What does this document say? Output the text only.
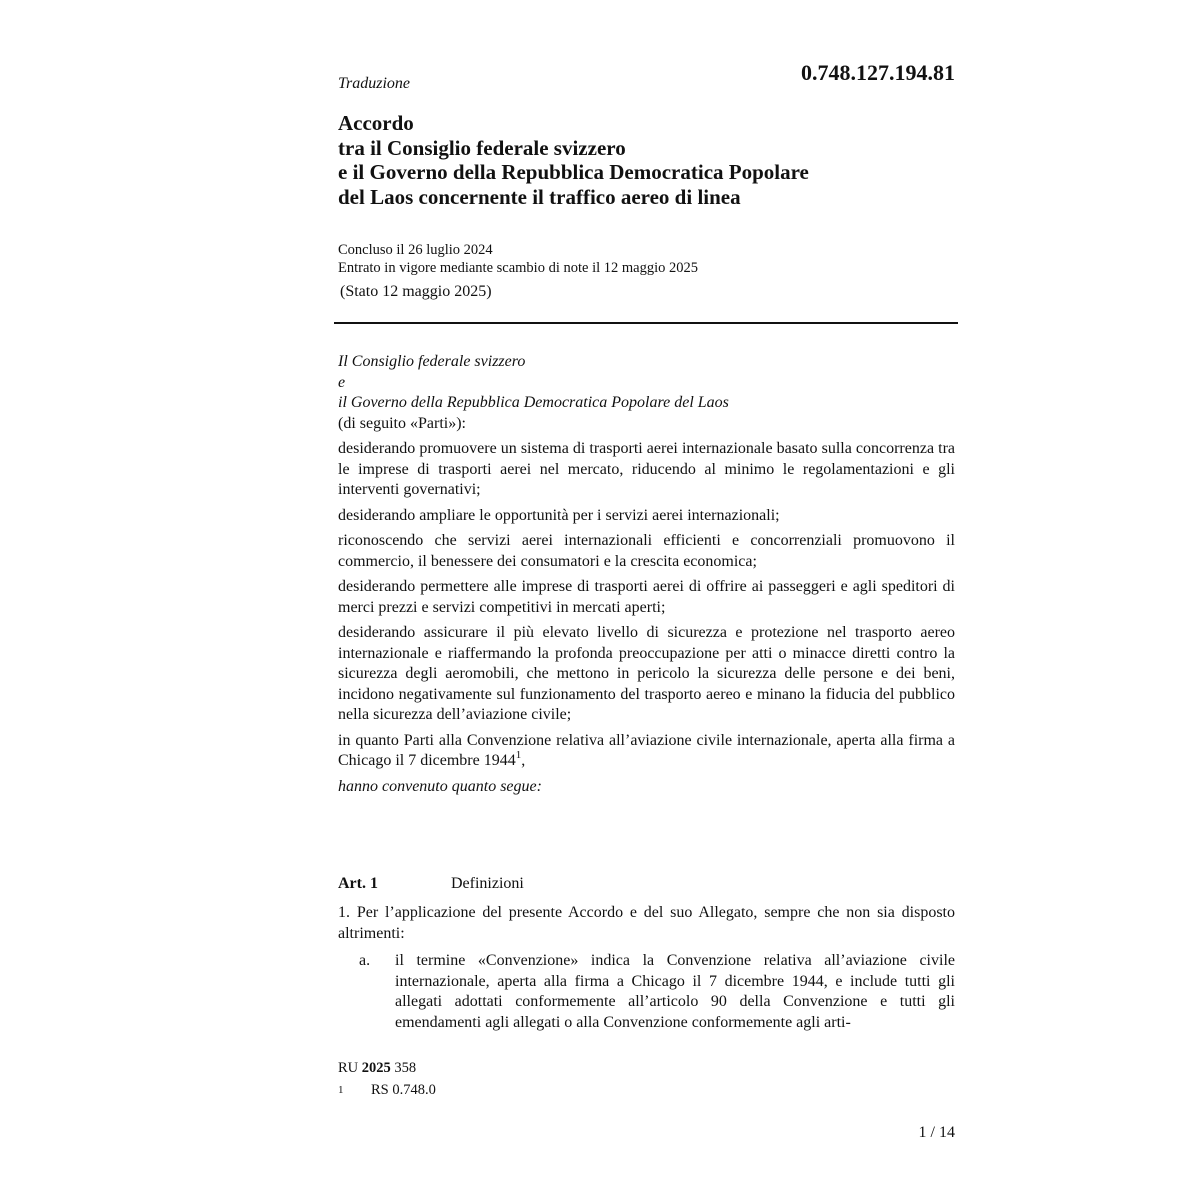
0.748.127.194.81
Traduzione
Accordo
tra il Consiglio federale svizzero
e il Governo della Repubblica Democratica Popolare
del Laos concernente il traffico aereo di linea
Concluso il 26 luglio 2024
Entrato in vigore mediante scambio di note il 12 maggio 2025
(Stato 12 maggio 2025)
Il Consiglio federale svizzero
e
il Governo della Repubblica Democratica Popolare del Laos

(di seguito «Parti»):

desiderando promuovere un sistema di trasporti aerei internazionale basato sulla concorrenza tra le imprese di trasporti aerei nel mercato, riducendo al minimo le regolamentazioni e gli interventi governativi;

desiderando ampliare le opportunità per i servizi aerei internazionali;

riconoscendo che servizi aerei internazionali efficienti e concorrenziali promuovono il commercio, il benessere dei consumatori e la crescita economica;

desiderando permettere alle imprese di trasporti aerei di offrire ai passeggeri e agli speditori di merci prezzi e servizi competitivi in mercati aperti;

desiderando assicurare il più elevato livello di sicurezza e protezione nel trasporto aereo internazionale e riaffermando la profonda preoccupazione per atti o minacce diretti contro la sicurezza degli aeromobili, che mettono in pericolo la sicurezza delle persone e dei beni, incidono negativamente sul funzionamento del trasporto aereo e minano la fiducia del pubblico nella sicurezza dell’aviazione civile;

in quanto Parti alla Convenzione relativa all’aviazione civile internazionale, aperta alla firma a Chicago il 7 dicembre 1944$^1$,

hanno convenuto quanto segue:

Art. 1	Definizioni

1. Per l’applicazione del presente Accordo e del suo Allegato, sempre che non sia disposto altrimenti:

a. il termine «Convenzione» indica la Convenzione relativa all’aviazione civile internazionale, aperta alla firma a Chicago il 7 dicembre 1944, e include tutti gli allegati adottati conformemente all’articolo 90 della Convenzione e tutti gli emendamenti agli allegati o alla Convenzione conformemente agli arti-
RU 2025 358
1 RS 0.748.0
1 / 14
